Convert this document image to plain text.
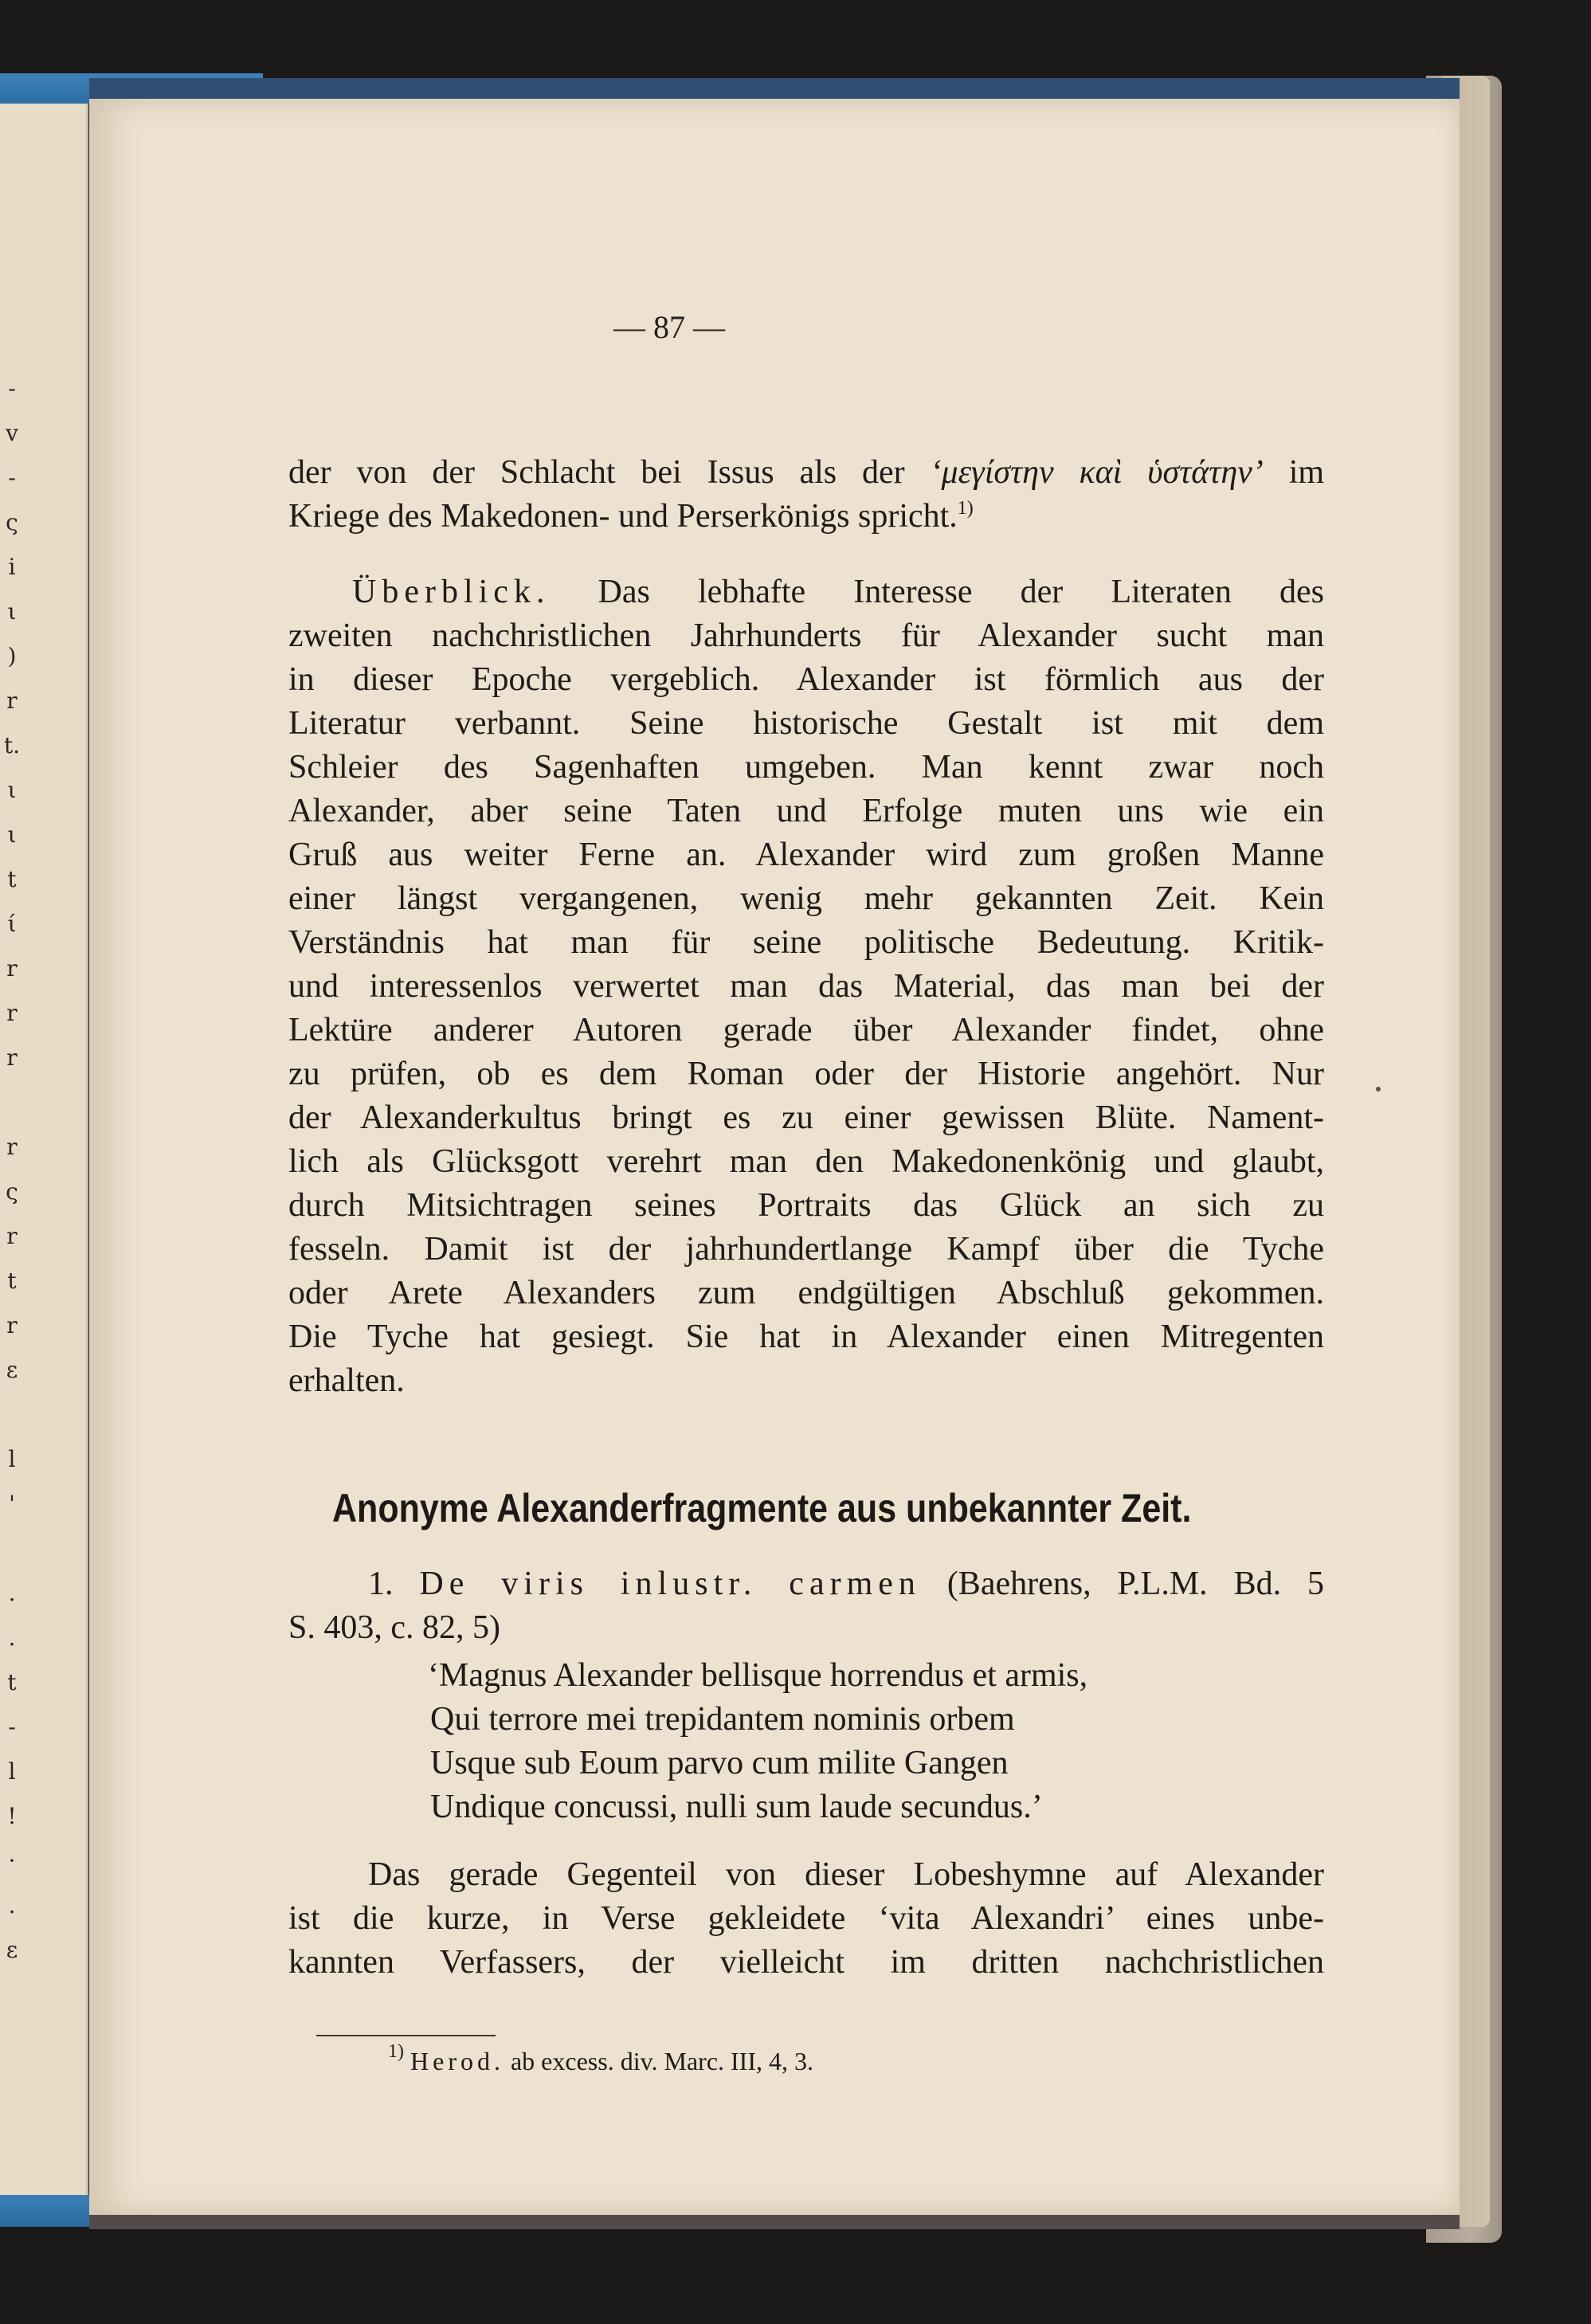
-
v
-
ς
i
ι
)
r
t.
ι
ι
t
ί
r
r
r
r
ς
r
t
r
ε
l
'
.
.
t
-
l
!
·
.
ε
— 87 —
der von der Schlacht bei Issus als der ‘μεγίστην καὶ ὑστάτην’ im
Kriege des Makedonen- und Perserkönigs spricht.$^{1)}$
Überblick. Das lebhafte Interesse der Literaten des
zweiten nachchristlichen Jahrhunderts für Alexander sucht man
in dieser Epoche vergeblich. Alexander ist förmlich aus der
Literatur verbannt. Seine historische Gestalt ist mit dem
Schleier des Sagenhaften umgeben. Man kennt zwar noch
Alexander, aber seine Taten und Erfolge muten uns wie ein
Gruß aus weiter Ferne an. Alexander wird zum großen Manne
einer längst vergangenen, wenig mehr gekannten Zeit. Kein
Verständnis hat man für seine politische Bedeutung. Kritik-
und interessenlos verwertet man das Material, das man bei der
Lektüre anderer Autoren gerade über Alexander findet, ohne
zu prüfen, ob es dem Roman oder der Historie angehört. Nur
der Alexanderkultus bringt es zu einer gewissen Blüte. Nament-
lich als Glücksgott verehrt man den Makedonenkönig und glaubt,
durch Mitsichtragen seines Portraits das Glück an sich zu
fesseln. Damit ist der jahrhundertlange Kampf über die Tyche
oder Arete Alexanders zum endgültigen Abschluß gekommen.
Die Tyche hat gesiegt. Sie hat in Alexander einen Mitregenten
erhalten.
Anonyme Alexanderfragmente aus unbekannter Zeit.
1. De viris inlustr. carmen (Baehrens, P.L.M. Bd. 5
S. 403, c. 82, 5)
‘Magnus Alexander bellisque horrendus et armis,
Qui terrore mei trepidantem nominis orbem
Usque sub Eoum parvo cum milite Gangen
Undique concussi, nulli sum laude secundus.’
Das gerade Gegenteil von dieser Lobeshymne auf Alexander
ist die kurze, in Verse gekleidete ‘vita Alexandri’ eines unbe-
kannten Verfassers, der vielleicht im dritten nachchristlichen
$^{1)}$ Herod. ab excess. div. Marc. III, 4, 3.
